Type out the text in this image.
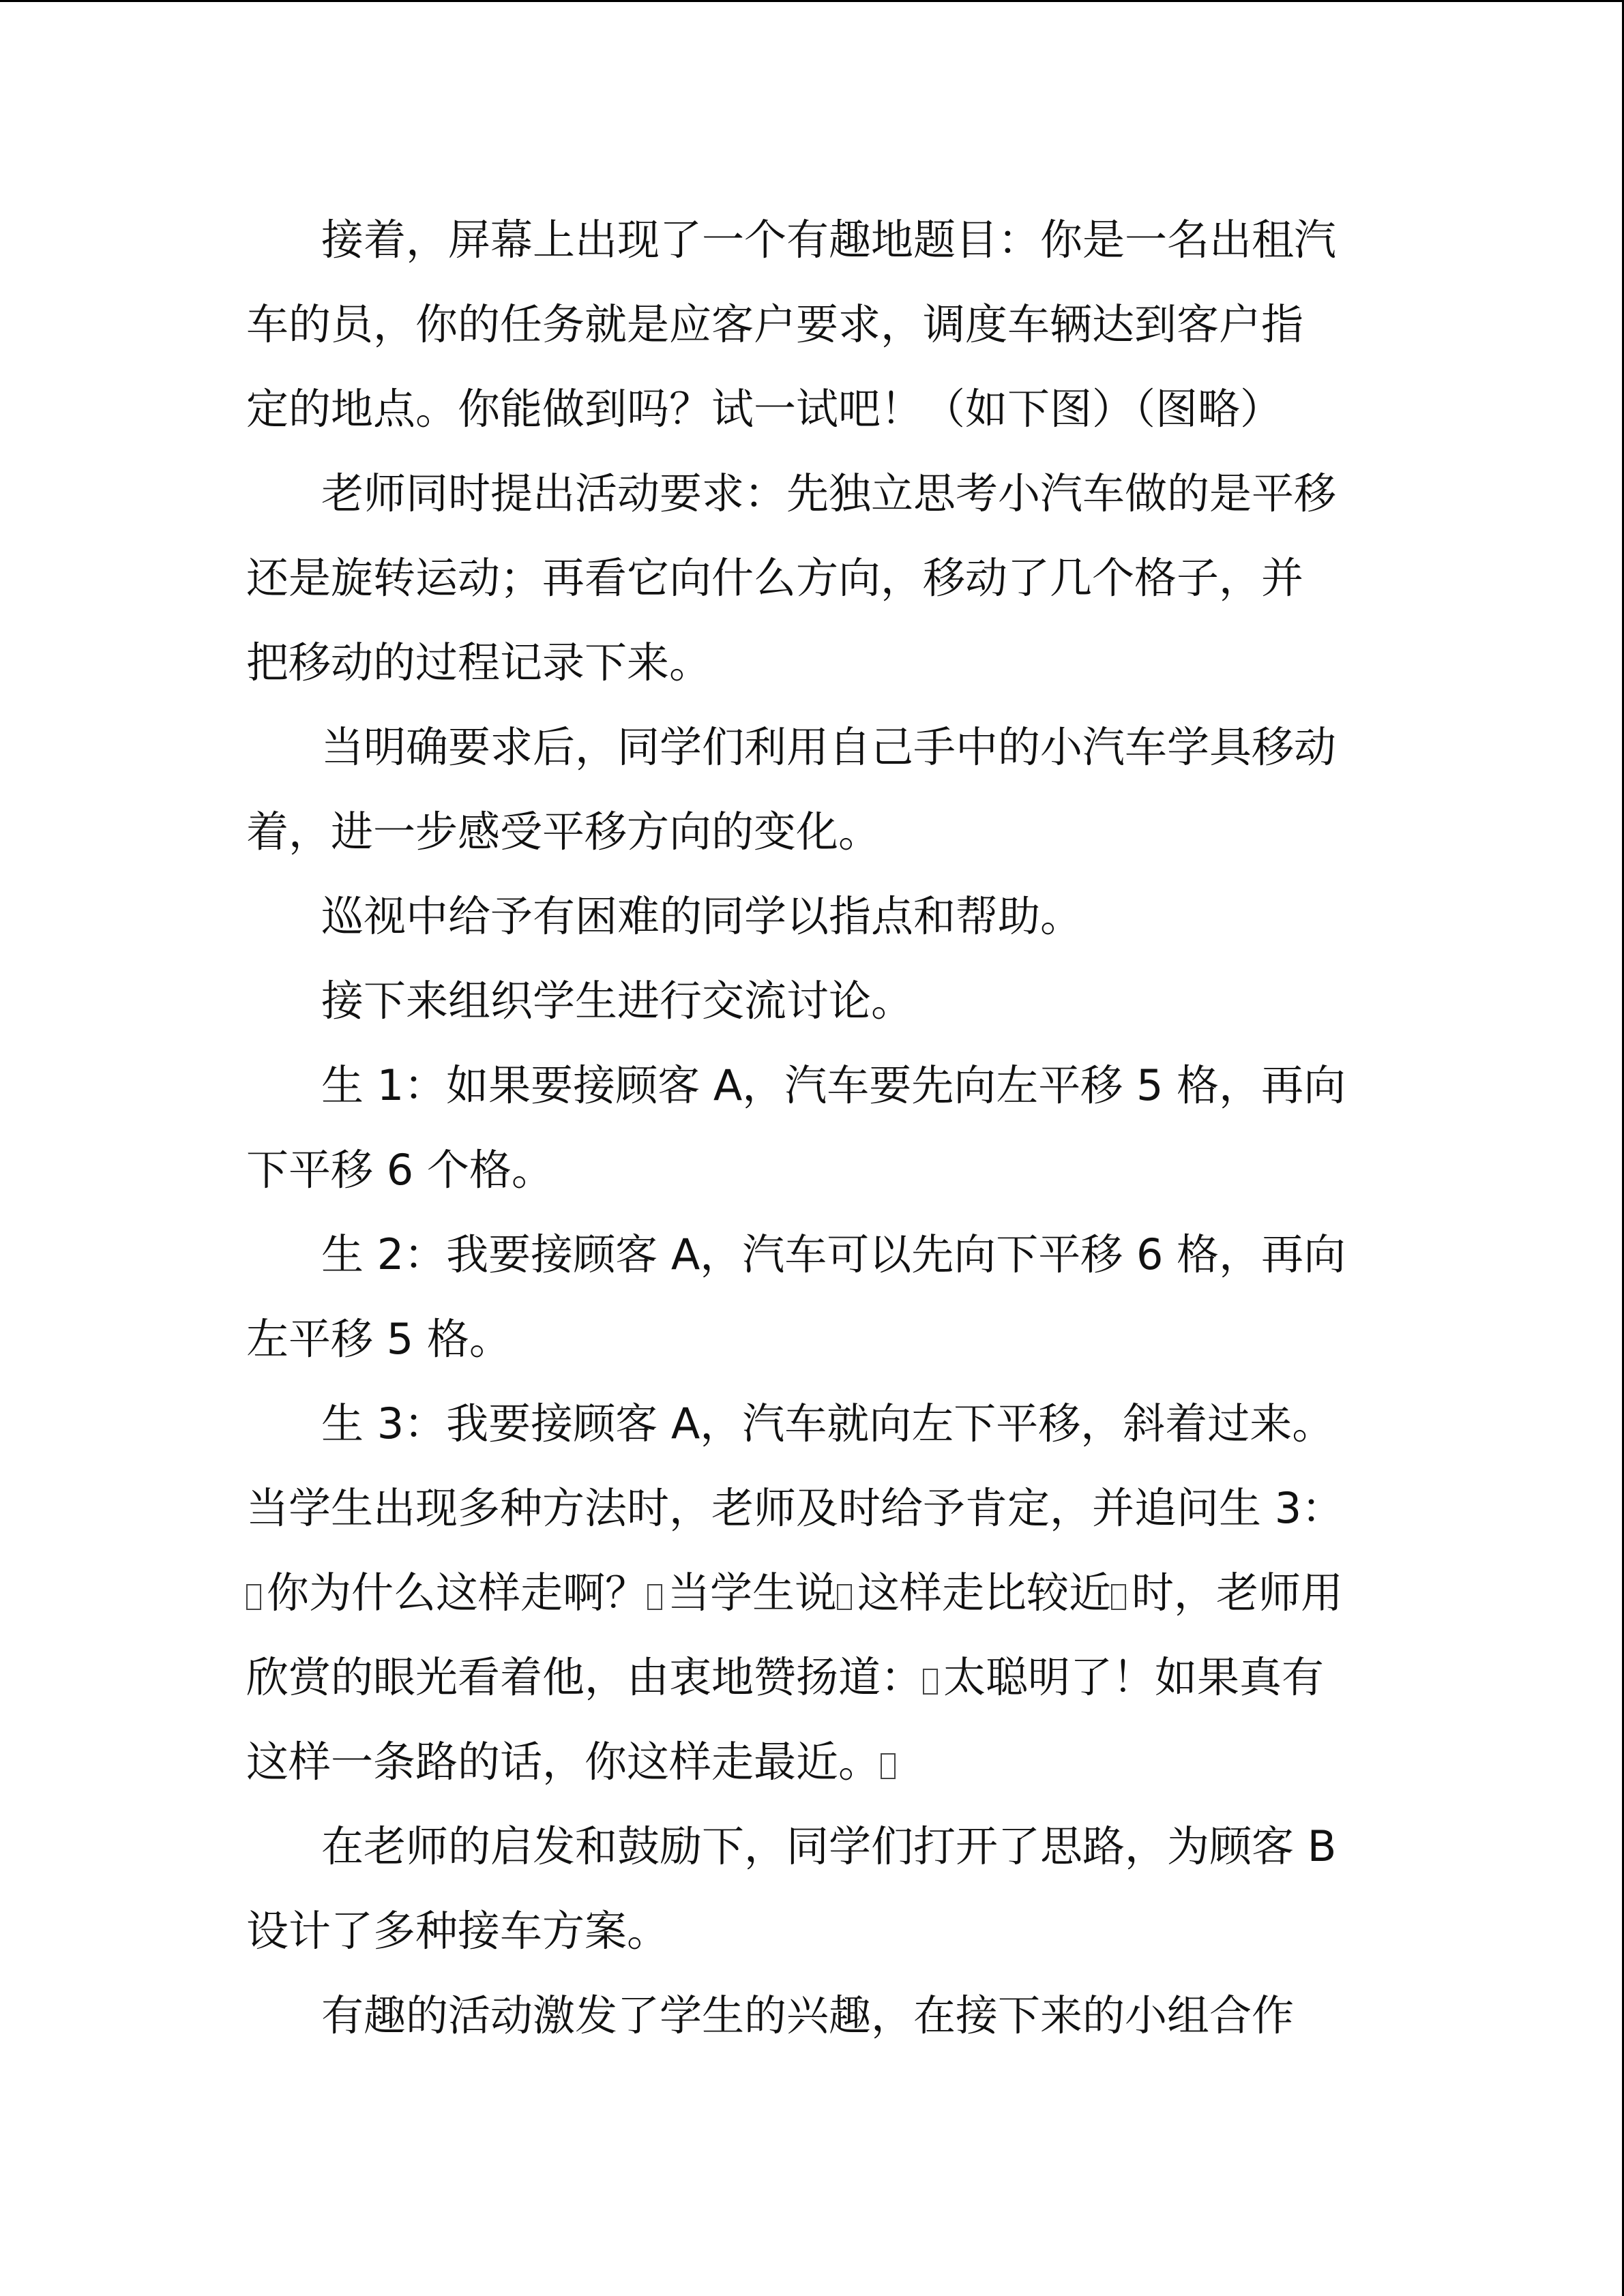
接着，屏幕上出现了一个有趣地题目：你是一名出租汽
车的员，你的任务就是应客户要求，调度车辆达到客户指
定的地点。你能做到吗？试一试吧！（如下图）（图略）
老师同时提出活动要求：先独立思考小汽车做的是平移
还是旋转运动；再看它向什么方向，移动了几个格子，并
把移动的过程记录下来。
当明确要求后，同学们利用自己手中的小汽车学具移动
着，进一步感受平移方向的变化。
巡视中给予有困难的同学以指点和帮助。
接下来组织学生进行交流讨论。
生 1：如果要接顾客 A，汽车要先向左平移 5 格，再向
下平移 6 个格。
生 2：我要接顾客 A，汽车可以先向下平移 6 格，再向
左平移 5 格。
生 3：我要接顾客 A，汽车就向左下平移，斜着过来。
当学生出现多种方法时，老师及时给予肯定，并追问生 3：
你为什么这样走啊？ 当学生说 这样走比较近 时，老师用
欣赏的眼光看着他，由衷地赞扬道： 太聪明了！如果真有
这样一条路的话，你这样走最近。
在老师的启发和鼓励下，同学们打开了思路，为顾客 B
设计了多种接车方案。
有趣的活动激发了学生的兴趣，在接下来的小组合作
